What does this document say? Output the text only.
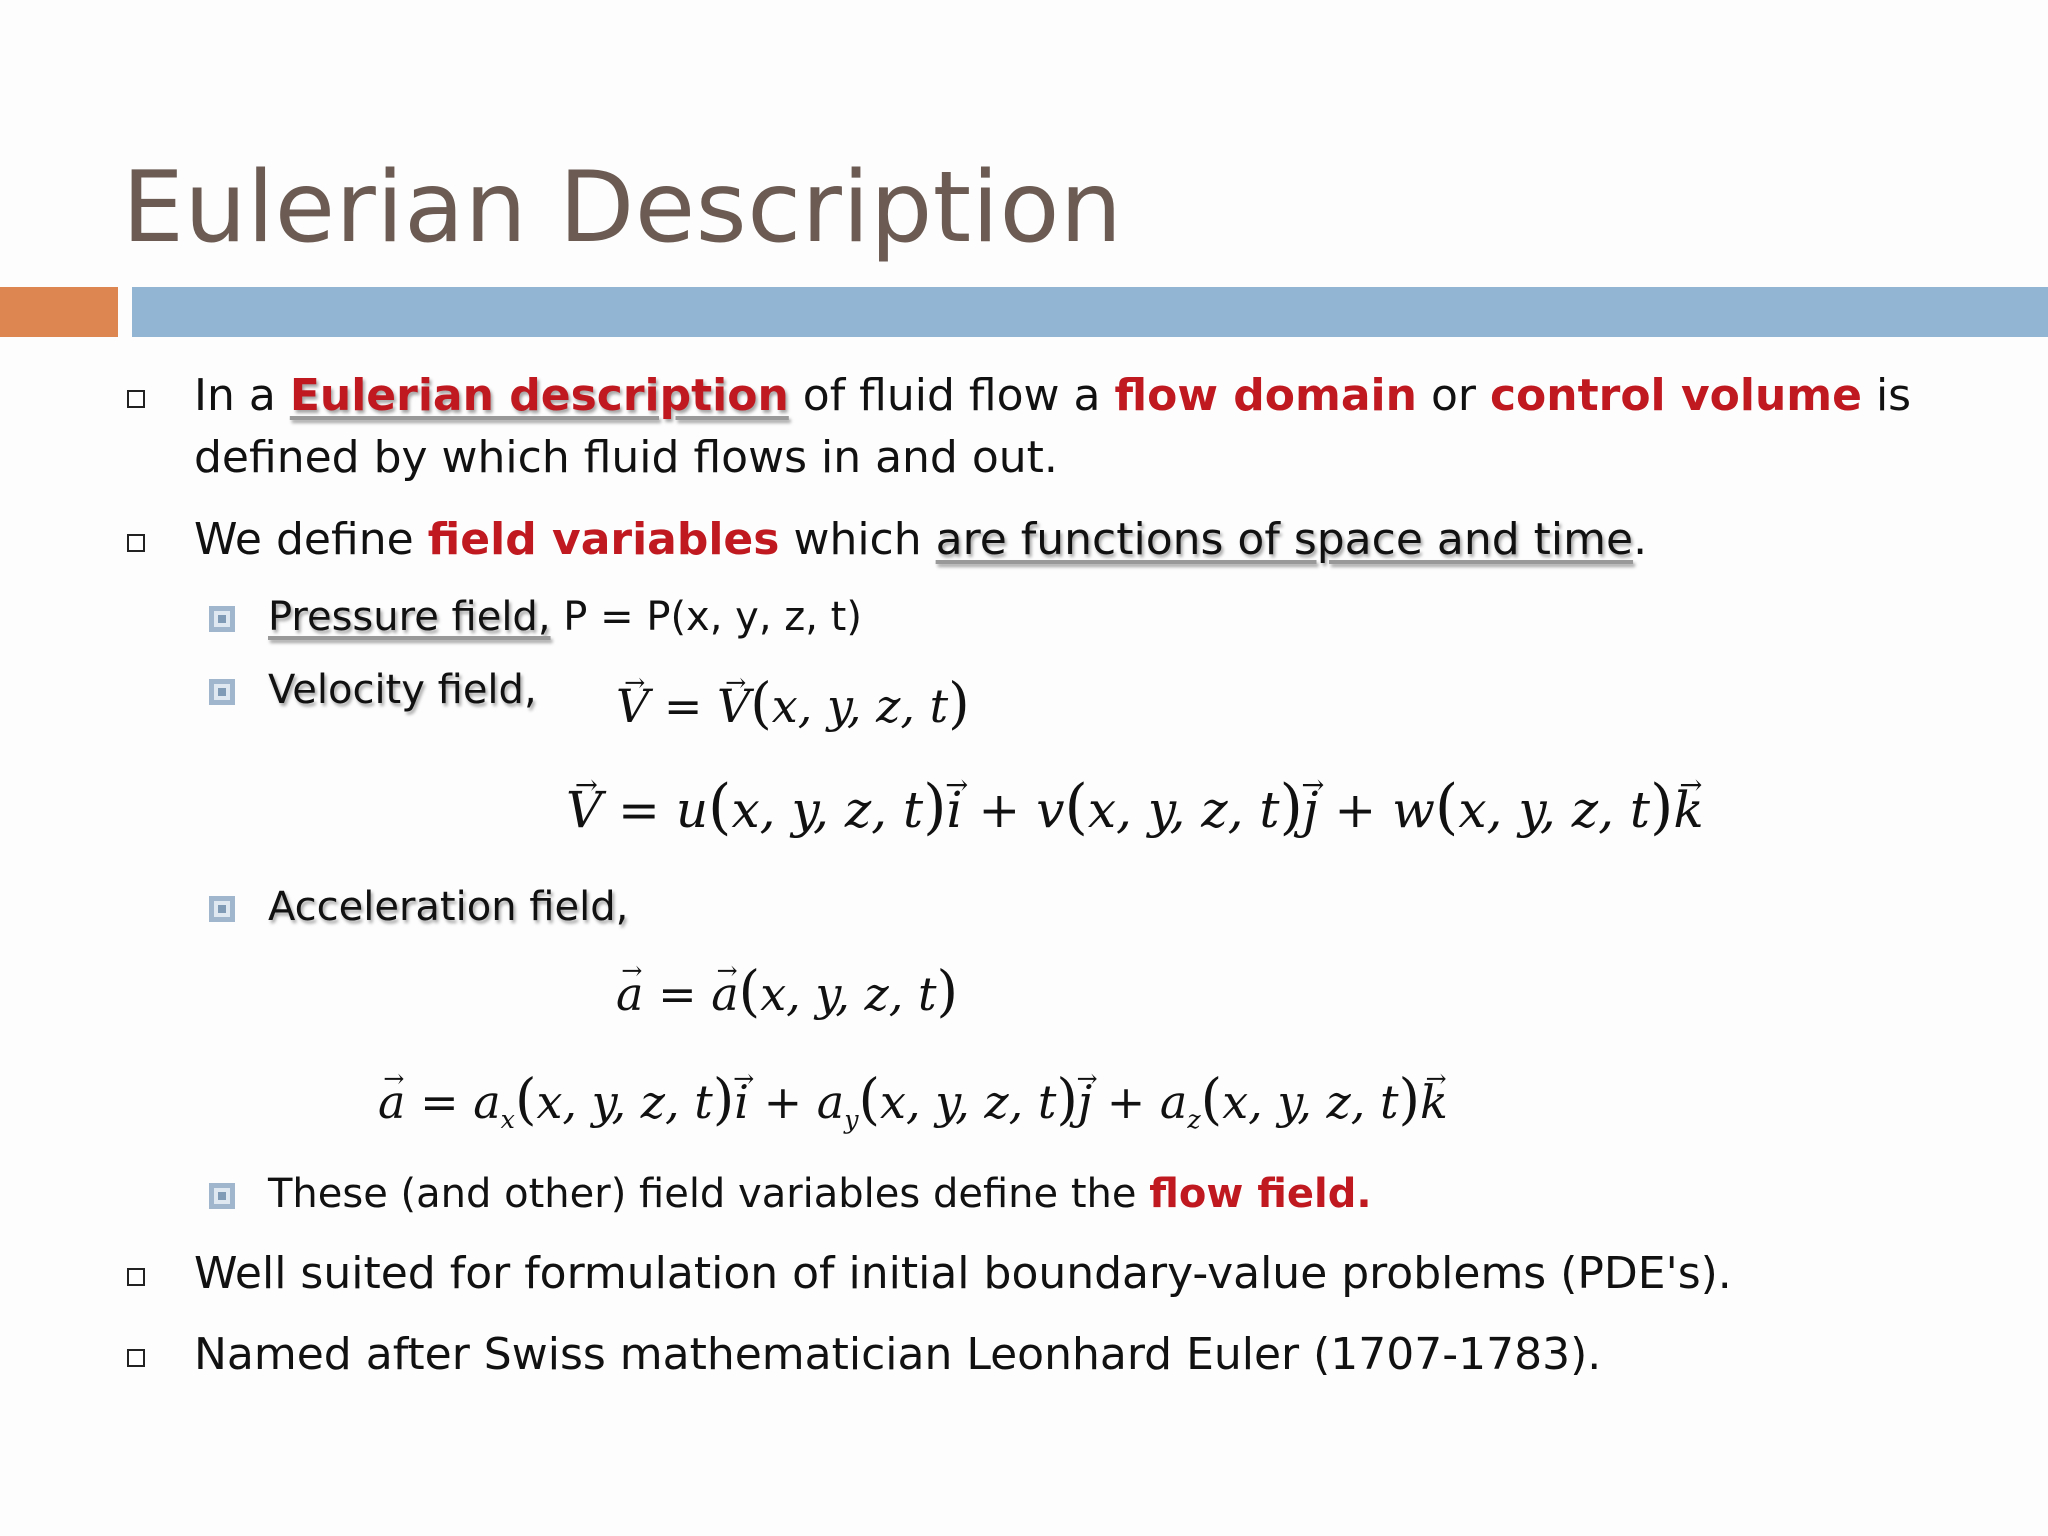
Eulerian Description
In a Eulerian description of fluid flow a flow domain or control volume is
defined by which fluid flows in and out.
We define field variables which are functions of space and time.
Pressure field, P = P(x, y, z, t)
Velocity field, V → = V →(x, y, z, t)
V → = u(x, y, z, t)i → + v(x, y, z, t)j → + w(x, y, z, t)k →
Acceleration field,
a → = a →(x, y, z, t)
a → = $a_x(x$, y, z, t)i → + $a_y(x$, y, z, t)j → + $a_z(x$, y, z, t)k →
These (and other) field variables define the flow field.
Well suited for formulation of initial boundary-value problems (PDE's).
Named after Swiss mathematician Leonhard Euler (1707-1783).
